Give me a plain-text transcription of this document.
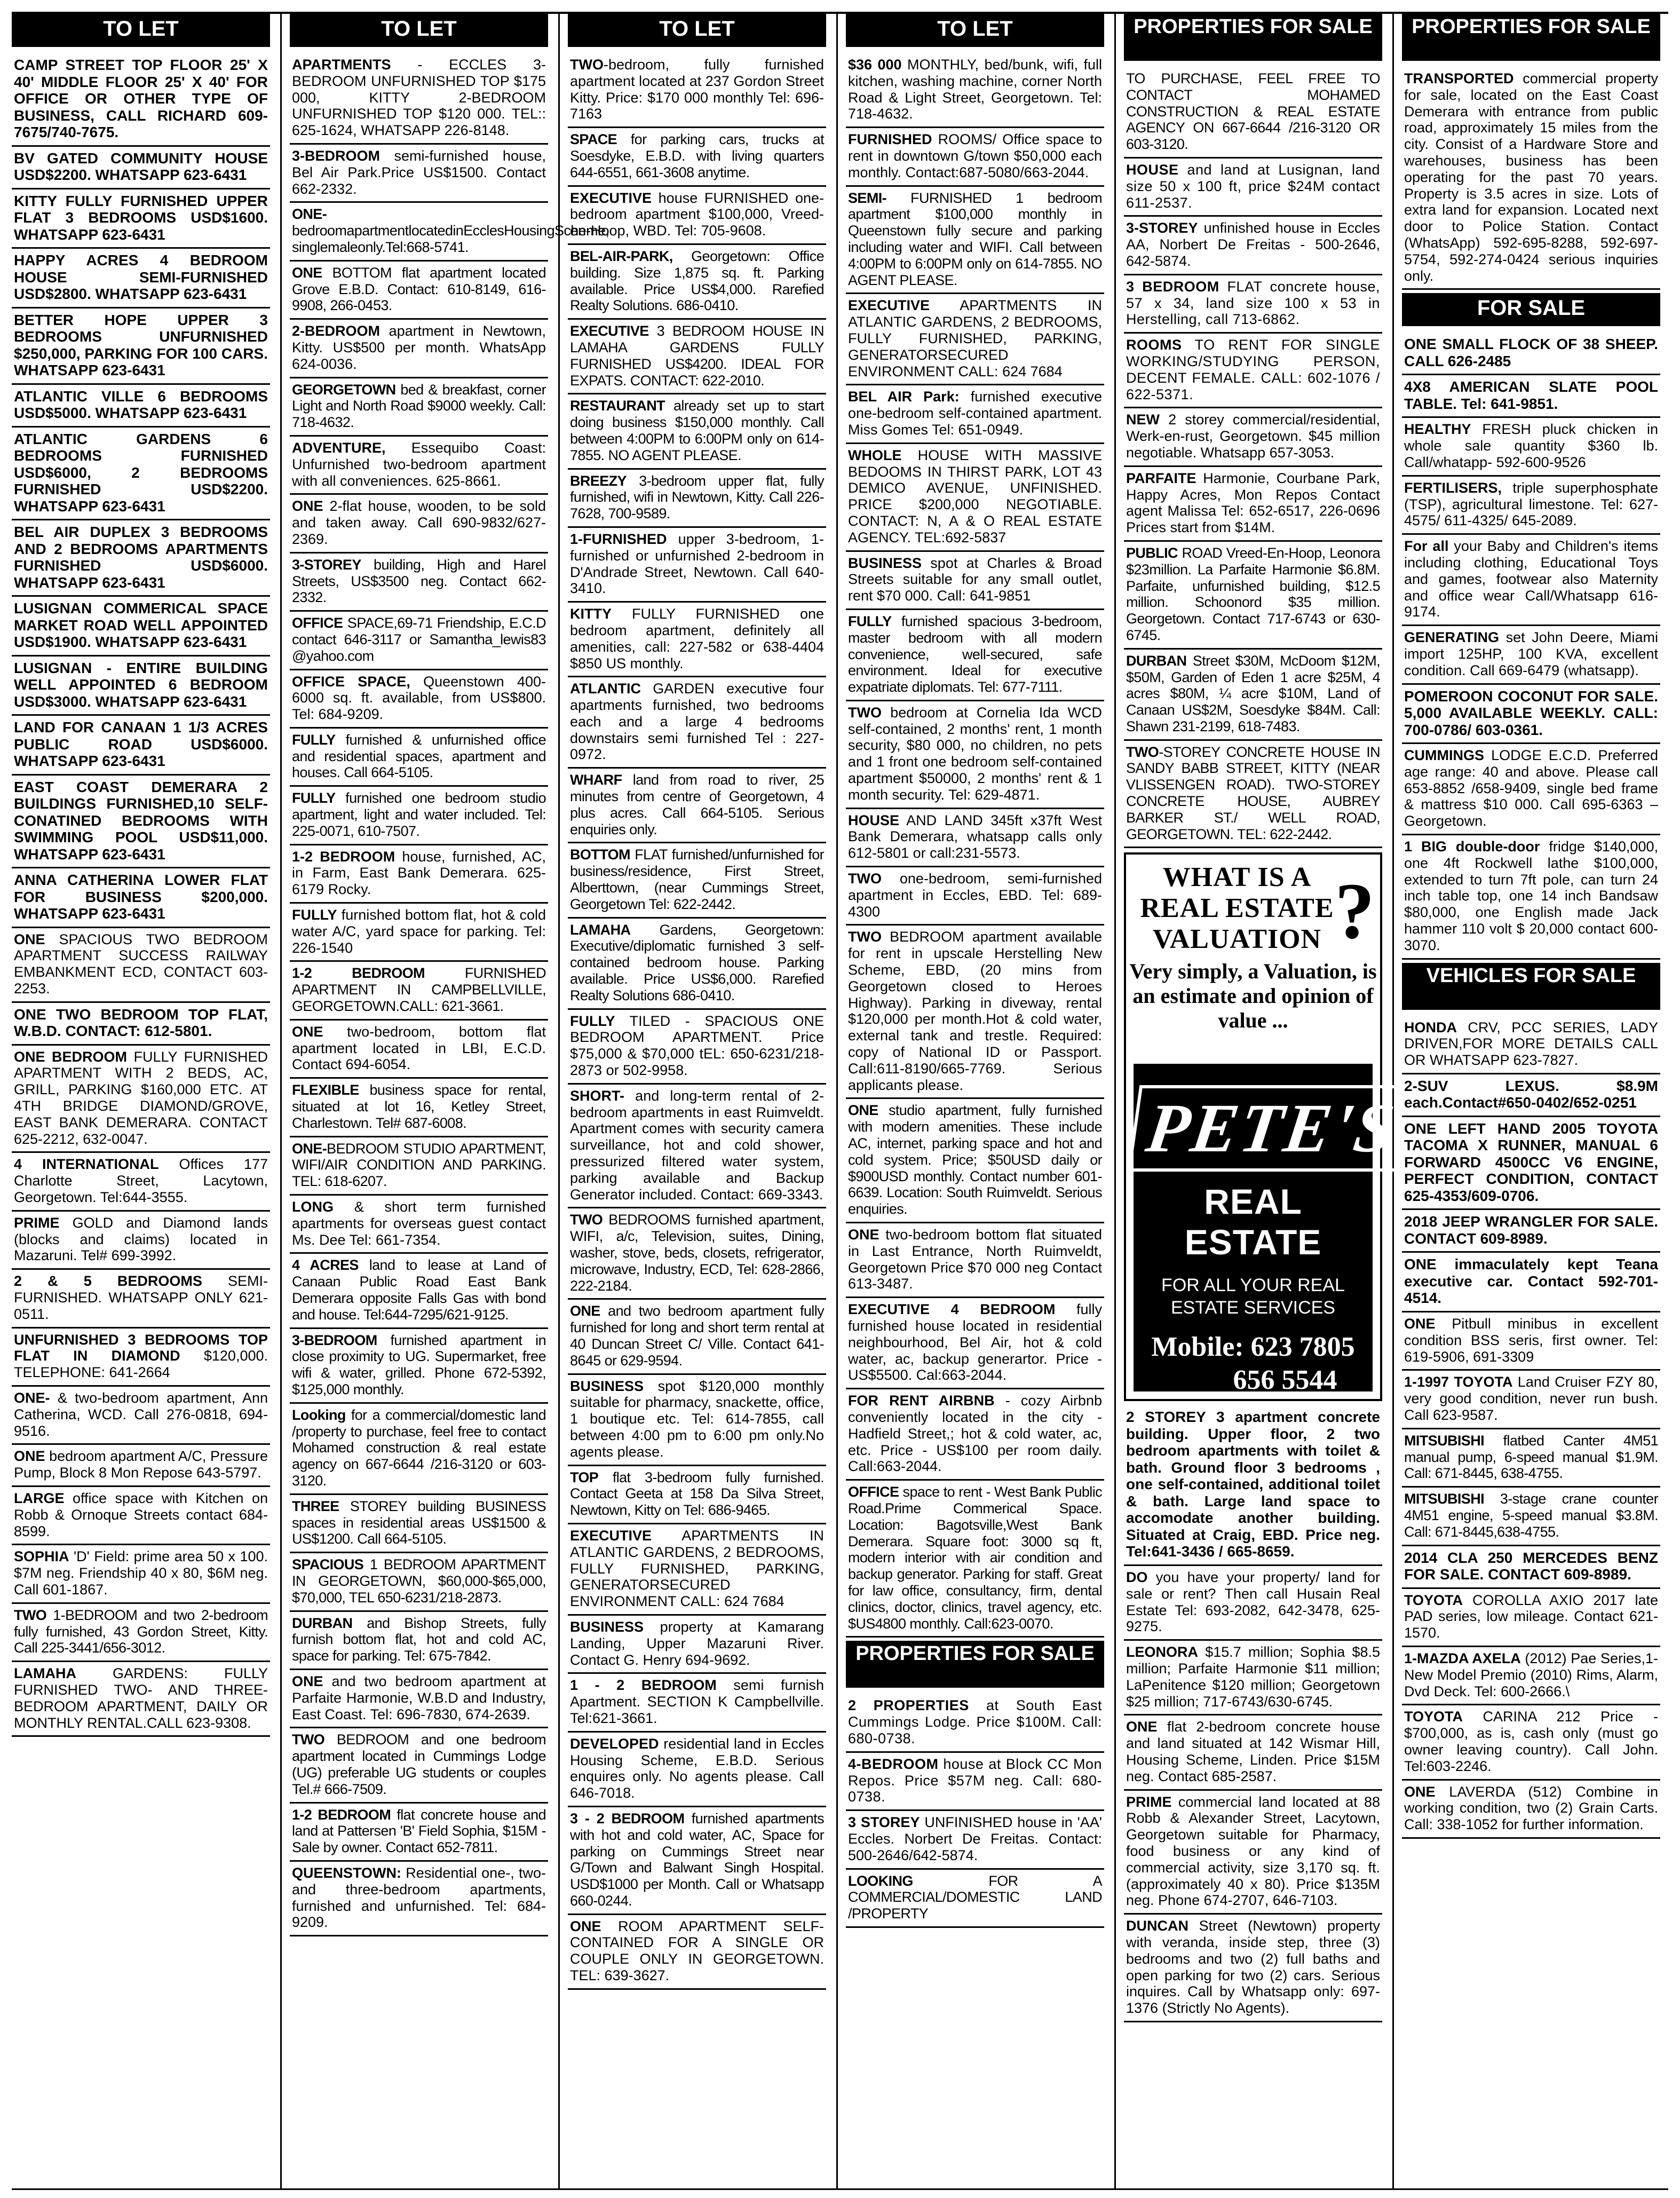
TO LET
CAMP STREET TOP FLOOR 25' X 40' MIDDLE FLOOR 25' X 40' FOR OFFICE OR OTHER TYPE OF BUSINESS, CALL RICHARD 609-7675/740-7675.
BV GATED COMMUNITY HOUSE USD$2200. WHATSAPP 623-6431
KITTY FULLY FURNISHED UPPER FLAT 3 BEDROOMS USD$1600. WHATSAPP 623-6431
HAPPY ACRES 4 BEDROOM HOUSE SEMI-FURNISHED USD$2800. WHATSAPP 623-6431
BETTER HOPE UPPER 3 BEDROOMS UNFURNISHED $250,000, PARKING FOR 100 CARS. WHATSAPP 623-6431
ATLANTIC VILLE 6 BEDROOMS USD$5000. WHATSAPP 623-6431
ATLANTIC GARDENS 6 BEDROOMS FURNISHED USD$6000, 2 BEDROOMS FURNISHED USD$2200. WHATSAPP 623-6431
BEL AIR DUPLEX 3 BEDROOMS AND 2 BEDROOMS APARTMENTS FURNISHED USD$6000. WHATSAPP 623-6431
LUSIGNAN COMMERICAL SPACE MARKET ROAD WELL APPOINTED USD$1900. WHATSAPP 623-6431
LUSIGNAN - ENTIRE BUILDING WELL APPOINTED 6 BEDROOM USD$3000. WHATSAPP 623-6431
LAND FOR CANAAN 1 1/3 ACRES PUBLIC ROAD USD$6000. WHATSAPP 623-6431
EAST COAST DEMERARA 2 BUILDINGS FURNISHED,10 SELF-CONATINED BEDROOMS WITH SWIMMING POOL USD$11,000. WHATSAPP 623-6431
ANNA CATHERINA LOWER FLAT FOR BUSINESS $200,000. WHATSAPP 623-6431
ONE SPACIOUS TWO BEDROOM APARTMENT SUCCESS RAILWAY EMBANKMENT ECD, CONTACT 603-2253.
ONE TWO BEDROOM TOP FLAT, W.B.D. CONTACT: 612-5801.
ONE BEDROOM FULLY FURNISHED APARTMENT WITH 2 BEDS, AC, GRILL, PARKING $160,000 ETC. AT 4TH BRIDGE DIAMOND/GROVE, EAST BANK DEMERARA. CONTACT 625-2212, 632-0047.
4 INTERNATIONAL Offices 177 Charlotte Street, Lacytown, Georgetown. Tel:644-3555.
PRIME GOLD and Diamond lands (blocks and claims) located in Mazaruni. Tel# 699-3992.
2 & 5 BEDROOMS SEMI-FURNISHED. WHATSAPP ONLY 621-0511.
UNFURNISHED 3 BEDROOMS TOP FLAT IN DIAMOND $120,000. TELEPHONE: 641-2664
ONE- & two-bedroom apartment, Ann Catherina, WCD. Call 276-0818, 694-9516.
ONE bedroom apartment A/C, Pressure Pump, Block 8 Mon Repose 643-5797.
LARGE office space with Kitchen on Robb & Ornoque Streets contact 684-8599.
SOPHIA 'D' Field: prime area 50 x 100. $7M neg. Friendship 40 x 80, $6M neg. Call 601-1867.
TWO 1-BEDROOM and two 2-bedroom fully furnished, 43 Gordon Street, Kitty. Call 225-3441/656-3012.
LAMAHA GARDENS: FULLY FURNISHED TWO- AND THREE-BEDROOM APARTMENT, DAILY OR MONTHLY RENTAL.CALL 623-9308.
TO LET
APARTMENTS - ECCLES 3-BEDROOM UNFURNISHED TOP $175 000, KITTY 2-BEDROOM UNFURNISHED TOP $120 000. TEL:: 625-1624, WHATSAPP 226-8148.
3-BEDROOM semi-furnished house, Bel Air Park.Price US$1500. Contact 662-2332.
ONE-bedroomapartmentlocatedinEcclesHousingScheme, singlemaleonly.Tel:668-5741.
ONE BOTTOM flat apartment located Grove E.B.D. Contact: 610-8149, 616-9908, 266-0453.
2-BEDROOM apartment in Newtown, Kitty. US$500 per month. WhatsApp 624-0036.
GEORGETOWN bed & breakfast, corner Light and North Road $9000 weekly. Call: 718-4632.
ADVENTURE, Essequibo Coast: Unfurnished two-bedroom apartment with all conveniences. 625-8661.
ONE 2-flat house, wooden, to be sold and taken away. Call 690-9832/627-2369.
3-STOREY building, High and Harel Streets, US$3500 neg. Contact 662-2332.
OFFICE SPACE,69-71 Friendship, E.C.D contact 646-3117 or Samantha_lewis83 @yahoo.com
OFFICE SPACE, Queenstown 400-6000 sq. ft. available, from US$800. Tel: 684-9209.
FULLY furnished & unfurnished office and residential spaces, apartment and houses. Call 664-5105.
FULLY furnished one bedroom studio apartment, light and water included. Tel: 225-0071, 610-7507.
1-2 BEDROOM house, furnished, AC, in Farm, East Bank Demerara. 625-6179 Rocky.
FULLY furnished bottom flat, hot & cold water A/C, yard space for parking. Tel: 226-1540
1-2 BEDROOM FURNISHED APARTMENT IN CAMPBELLVILLE, GEORGETOWN.CALL: 621-3661.
ONE two-bedroom, bottom flat apartment located in LBI, E.C.D. Contact 694-6054.
FLEXIBLE business space for rental, situated at lot 16, Ketley Street, Charlestown. Tel# 687-6008.
ONE-BEDROOM STUDIO APARTMENT, WIFI/AIR CONDITION AND PARKING. TEL: 618-6207.
LONG & short term furnished apartments for overseas guest contact Ms. Dee Tel: 661-7354.
4 ACRES land to lease at Land of Canaan Public Road East Bank Demerara opposite Falls Gas with bond and house. Tel:644-7295/621-9125.
3-BEDROOM furnished apartment in close proximity to UG. Supermarket, free wifi & water, grilled. Phone 672-5392, $125,000 monthly.
Looking for a commercial/domestic land /property to purchase, feel free to contact Mohamed construction & real estate agency on 667-6644 /216-3120 or 603-3120.
THREE STOREY building BUSINESS spaces in residential areas US$1500 & US$1200. Call 664-5105.
SPACIOUS 1 BEDROOM APARTMENT IN GEORGETOWN, $60,000-$65,000, $70,000, TEL 650-6231/218-2873.
DURBAN and Bishop Streets, fully furnish bottom flat, hot and cold AC, space for parking. Tel: 675-7842.
ONE and two bedroom apartment at Parfaite Harmonie, W.B.D and Industry, East Coast. Tel: 696-7830, 674-2639.
TWO BEDROOM and one bedroom apartment located in Cummings Lodge (UG) preferable UG students or couples Tel.# 666-7509.
1-2 BEDROOM flat concrete house and land at Pattersen 'B' Field Sophia, $15M - Sale by owner. Contact 652-7811.
QUEENSTOWN: Residential one-, two- and three-bedroom apartments, furnished and unfurnished. Tel: 684-9209.
TO LET
TWO-bedroom, fully furnished apartment located at 237 Gordon Street Kitty. Price: $170 000 monthly Tel: 696-7163
SPACE for parking cars, trucks at Soesdyke, E.B.D. with living quarters 644-6551, 661-3608 anytime.
EXECUTIVE house FURNISHED one-bedroom apartment $100,000, Vreed-en-Hoop, WBD. Tel: 705-9608.
BEL-AIR-PARK, Georgetown: Office building. Size 1,875 sq. ft. Parking available. Price US$4,000. Rarefied Realty Solutions. 686-0410.
EXECUTIVE 3 BEDROOM HOUSE IN LAMAHA GARDENS FULLY FURNISHED US$4200. IDEAL FOR EXPATS. CONTACT: 622-2010.
RESTAURANT already set up to start doing business $150,000 monthly. Call between 4:00PM to 6:00PM only on 614-7855. NO AGENT PLEASE.
BREEZY 3-bedroom upper flat, fully furnished, wifi in Newtown, Kitty. Call 226-7628, 700-9589.
1-FURNISHED upper 3-bedroom, 1-furnished or unfurnished 2-bedroom in D'Andrade Street, Newtown. Call 640-3410.
KITTY FULLY FURNISHED one bedroom apartment, definitely all amenities, call: 227-582 or 638-4404 $850 US monthly.
ATLANTIC GARDEN executive four apartments furnished, two bedrooms each and a large 4 bedrooms downstairs semi furnished Tel : 227-0972.
WHARF land from road to river, 25 minutes from centre of Georgetown, 4 plus acres. Call 664-5105. Serious enquiries only.
BOTTOM FLAT furnished/unfurnished for business/residence, First Street, Alberttown, (near Cummings Street, Georgetown Tel: 622-2442.
LAMAHA Gardens, Georgetown: Executive/diplomatic furnished 3 self-contained bedroom house. Parking available. Price US$6,000. Rarefied Realty Solutions 686-0410.
FULLY TILED - SPACIOUS ONE BEDROOM APARTMENT. Price $75,000 & $70,000 tEL: 650-6231/218-2873 or 502-9958.
SHORT- and long-term rental of 2-bedroom apartments in east Ruimveldt. Apartment comes with security camera surveillance, hot and cold shower, pressurized filtered water system, parking available and Backup Generator included. Contact: 669-3343.
TWO BEDROOMS furnished apartment, WIFI, a/c, Television, suites, Dining, washer, stove, beds, closets, refrigerator, microwave, Industry, ECD, Tel: 628-2866, 222-2184.
ONE and two bedroom apartment fully furnished for long and short term rental at 40 Duncan Street C/ Ville. Contact 641-8645 or 629-9594.
BUSINESS spot $120,000 monthly suitable for pharmacy, snackette, office, 1 boutique etc. Tel: 614-7855, call between 4:00 pm to 6:00 pm only.No agents please.
TOP flat 3-bedroom fully furnished. Contact Geeta at 158 Da Silva Street, Newtown, Kitty on Tel: 686-9465.
EXECUTIVE APARTMENTS IN ATLANTIC GARDENS, 2 BEDROOMS, FULLY FURNISHED, PARKING, GENERATORSECURED ENVIRONMENT CALL: 624 7684
BUSINESS property at Kamarang Landing, Upper Mazaruni River. Contact G. Henry 694-9692.
1 - 2 BEDROOM semi furnish Apartment. SECTION K Campbellville. Tel:621-3661.
DEVELOPED residential land in Eccles Housing Scheme, E.B.D. Serious enquires only. No agents please. Call 646-7018.
3 - 2 BEDROOM furnished apartments with hot and cold water, AC, Space for parking on Cummings Street near G/Town and Balwant Singh Hospital. USD$1000 per Month. Call or Whatsapp 660-0244.
ONE ROOM APARTMENT SELF-CONTAINED FOR A SINGLE OR COUPLE ONLY IN GEORGETOWN. TEL: 639-3627.
TO LET
$36 000 MONTHLY, bed/bunk, wifi, full kitchen, washing machine, corner North Road & Light Street, Georgetown. Tel: 718-4632.
FURNISHED ROOMS/ Office space to rent in downtown G/town $50,000 each monthly. Contact:687-5080/663-2044.
SEMI- FURNISHED 1 bedroom apartment $100,000 monthly in Queenstown fully secure and parking including water and WIFI. Call between 4:00PM to 6:00PM only on 614-7855. NO AGENT PLEASE.
EXECUTIVE APARTMENTS IN ATLANTIC GARDENS, 2 BEDROOMS, FULLY FURNISHED, PARKING, GENERATORSECURED ENVIRONMENT CALL: 624 7684
BEL AIR Park: furnished executive one-bedroom self-contained apartment. Miss Gomes Tel: 651-0949.
WHOLE HOUSE WITH MASSIVE BEDOOMS IN THIRST PARK, LOT 43 DEMICO AVENUE, UNFINISHED. PRICE $200,000 NEGOTIABLE. CONTACT: N, A & O REAL ESTATE AGENCY. TEL:692-5837
BUSINESS spot at Charles & Broad Streets suitable for any small outlet, rent $70 000. Call: 641-9851
FULLY furnished spacious 3-bedroom, master bedroom with all modern convenience, well-secured, safe environment. Ideal for executive expatriate diplomats. Tel: 677-7111.
TWO bedroom at Cornelia Ida WCD self-contained, 2 months' rent, 1 month security, $80 000, no children, no pets and 1 front one bedroom self-contained apartment $50000, 2 months' rent & 1 month security. Tel: 629-4871.
HOUSE AND LAND 345ft x37ft West Bank Demerara, whatsapp calls only 612-5801 or call:231-5573.
TWO one-bedroom, semi-furnished apartment in Eccles, EBD. Tel: 689-4300
TWO BEDROOM apartment available for rent in upscale Herstelling New Scheme, EBD, (20 mins from Georgetown closed to Heroes Highway). Parking in diveway, rental $120,000 per month.Hot & cold water, external tank and trestle. Required: copy of National ID or Passport. Call:611-8190/665-7769. Serious applicants please.
ONE studio apartment, fully furnished with modern amenities. These include AC, internet, parking space and hot and cold system. Price; $50USD daily or $900USD monthly. Contact number 601-6639. Location: South Ruimveldt. Serious enquiries.
ONE two-bedroom bottom flat situated in Last Entrance, North Ruimveldt, Georgetown Price $70 000 neg Contact 613-3487.
EXECUTIVE 4 BEDROOM fully furnished house located in residential neighbourhood, Bel Air, hot & cold water, ac, backup generartor. Price - US$5500. Cal:663-2044.
FOR RENT AIRBNB - cozy Airbnb conveniently located in the city - Hadfield Street,; hot & cold water, ac, etc. Price - US$100 per room daily. Call:663-2044.
OFFICE space to rent - West Bank Public Road.Prime Commerical Space. Location: Bagotsville,West Bank Demerara. Square foot: 3000 sq ft, modern interior with air condition and backup generator. Parking for staff. Great for law office, consultancy, firm, dental clinics, doctor, clinics, travel agency, etc. $US4800 monthly. Call:623-0070.
PROPERTIES FOR SALE
2 PROPERTIES at South East Cummings Lodge. Price $100M. Call: 680-0738.
4-BEDROOM house at Block CC Mon Repos. Price $57M neg. Call: 680-0738.
3 STOREY UNFINISHED house in 'AA' Eccles. Norbert De Freitas. Contact: 500-2646/642-5874.
LOOKING FOR A COMMERCIAL/DOMESTIC LAND /PROPERTY
PROPERTIES FOR SALE
TO PURCHASE, FEEL FREE TO CONTACT MOHAMED CONSTRUCTION & REAL ESTATE AGENCY ON 667-6644 /216-3120 OR 603-3120.
HOUSE and land at Lusignan, land size 50 x 100 ft, price $24M contact 611-2537.
3-STOREY unfinished house in Eccles AA, Norbert De Freitas - 500-2646, 642-5874.
3 BEDROOM FLAT concrete house, 57 x 34, land size 100 x 53 in Herstelling, call 713-6862.
ROOMS TO RENT FOR SINGLE WORKING/STUDYING PERSON, DECENT FEMALE. CALL: 602-1076 / 622-5371.
NEW 2 storey commercial/residential, Werk-en-rust, Georgetown. $45 million negotiable. Whatsapp 657-3053.
PARFAITE Harmonie, Courbane Park, Happy Acres, Mon Repos Contact agent Malissa Tel: 652-6517, 226-0696 Prices start from $14M.
PUBLIC ROAD Vreed-En-Hoop, Leonora $23million. La Parfaite Harmonie $6.8M. Parfaite, unfurnished building, $12.5 million. Schoonord $35 million. Georgetown. Contact 717-6743 or 630-6745.
DURBAN Street $30M, McDoom $12M, $50M, Garden of Eden 1 acre $25M, 4 acres $80M, ¼ acre $10M, Land of Canaan US$2M, Soesdyke $84M. Call: Shawn 231-2199, 618-7483.
TWO-STOREY CONCRETE HOUSE IN SANDY BABB STREET, KITTY (NEAR VLISSENGEN ROAD). TWO-STOREY CONCRETE HOUSE, AUBREY BARKER ST./ WELL ROAD, GEORGETOWN. TEL: 622-2442.
WHAT IS A REAL ESTATE VALUATION ?
Very simply, a Valuation, is an estimate and opinion of value ...
PETE'S
REAL ESTATE
FOR ALL YOUR REAL ESTATE SERVICES
Mobile: 623 7805
656 5544
2 STOREY 3 apartment concrete building. Upper floor, 2 two bedroom apartments with toilet & bath. Ground floor 3 bedrooms , one self-contained, additional toilet & bath. Large land space to accomodate another building. Situated at Craig, EBD. Price neg. Tel:641-3436 / 665-8659.
DO you have your property/ land for sale or rent? Then call Husain Real Estate Tel: 693-2082, 642-3478, 625-9275.
LEONORA $15.7 million; Sophia $8.5 million; Parfaite Harmonie $11 million; LaPenitence $120 million; Georgetown $25 million; 717-6743/630-6745.
ONE flat 2-bedroom concrete house and land situated at 142 Wismar Hill, Housing Scheme, Linden. Price $15M neg. Contact 685-2587.
PRIME commercial land located at 88 Robb & Alexander Street, Lacytown, Georgetown suitable for Pharmacy, food business or any kind of commercial activity, size 3,170 sq. ft. (approximately 40 x 80). Price $135M neg. Phone 674-2707, 646-7103.
DUNCAN Street (Newtown) property with veranda, inside step, three (3) bedrooms and two (2) full baths and open parking for two (2) cars. Serious inquires. Call by Whatsapp only: 697-1376 (Strictly No Agents).
PROPERTIES FOR SALE
TRANSPORTED commercial property for sale, located on the East Coast Demerara with entrance from public road, approximately 15 miles from the city. Consist of a Hardware Store and warehouses, business has been operating for the past 70 years. Property is 3.5 acres in size. Lots of extra land for expansion. Located next door to Police Station. Contact (WhatsApp) 592-695-8288, 592-697-5754, 592-274-0424 serious inquiries only.
FOR SALE
ONE SMALL FLOCK OF 38 SHEEP. CALL 626-2485
4X8 AMERICAN SLATE POOL TABLE. Tel: 641-9851.
HEALTHY FRESH pluck chicken in whole sale quantity $360 lb. Call/whatapp- 592-600-9526
FERTILISERS, triple superphosphate (TSP), agricultural limestone. Tel: 627-4575/ 611-4325/ 645-2089.
For all your Baby and Children's items including clothing, Educational Toys and games, footwear also Maternity and office wear Call/Whatsapp 616-9174.
GENERATING set John Deere, Miami import 125HP, 100 KVA, excellent condition. Call 669-6479 (whatsapp).
POMEROON COCONUT FOR SALE. 5,000 AVAILABLE WEEKLY. CALL: 700-0786/ 603-0361.
CUMMINGS LODGE E.C.D. Preferred age range: 40 and above. Please call 653-8852 /658-9409, single bed frame & mattress $10 000. Call 695-6363 – Georgetown.
1 BIG double-door fridge $140,000, one 4ft Rockwell lathe $100,000, extended to turn 7ft pole, can turn 24 inch table top, one 14 inch Bandsaw $80,000, one English made Jack hammer 110 volt $ 20,000 contact 600-3070.
VEHICLES FOR SALE
HONDA CRV, PCC SERIES, LADY DRIVEN,FOR MORE DETAILS CALL OR WHATSAPP 623-7827.
2-SUV LEXUS. $8.9M each.Contact#650-0402/652-0251
ONE LEFT HAND 2005 TOYOTA TACOMA X RUNNER, MANUAL 6 FORWARD 4500CC V6 ENGINE, PERFECT CONDITION, CONTACT 625-4353/609-0706.
2018 JEEP WRANGLER FOR SALE. CONTACT 609-8989.
ONE immaculately kept Teana executive car. Contact 592-701-4514.
ONE Pitbull minibus in excellent condition BSS seris, first owner. Tel: 619-5906, 691-3309
1-1997 TOYOTA Land Cruiser FZY 80, very good condition, never run bush. Call 623-9587.
MITSUBISHI flatbed Canter 4M51 manual pump, 6-speed manual $1.9M. Call: 671-8445, 638-4755.
MITSUBISHI 3-stage crane counter 4M51 engine, 5-speed manual $3.8M. Call: 671-8445,638-4755.
2014 CLA 250 MERCEDES BENZ FOR SALE. CONTACT 609-8989.
TOYOTA COROLLA AXIO 2017 late PAD series, low mileage. Contact 621-1570.
1-MAZDA AXELA (2012) Pae Series,1- New Model Premio (2010) Rims, Alarm, Dvd Deck. Tel: 600-2666.\
TOYOTA CARINA 212 Price - $700,000, as is, cash only (must go owner leaving country). Call John. Tel:603-2246.
ONE LAVERDA (512) Combine in working condition, two (2) Grain Carts. Call: 338-1052 for further information.
